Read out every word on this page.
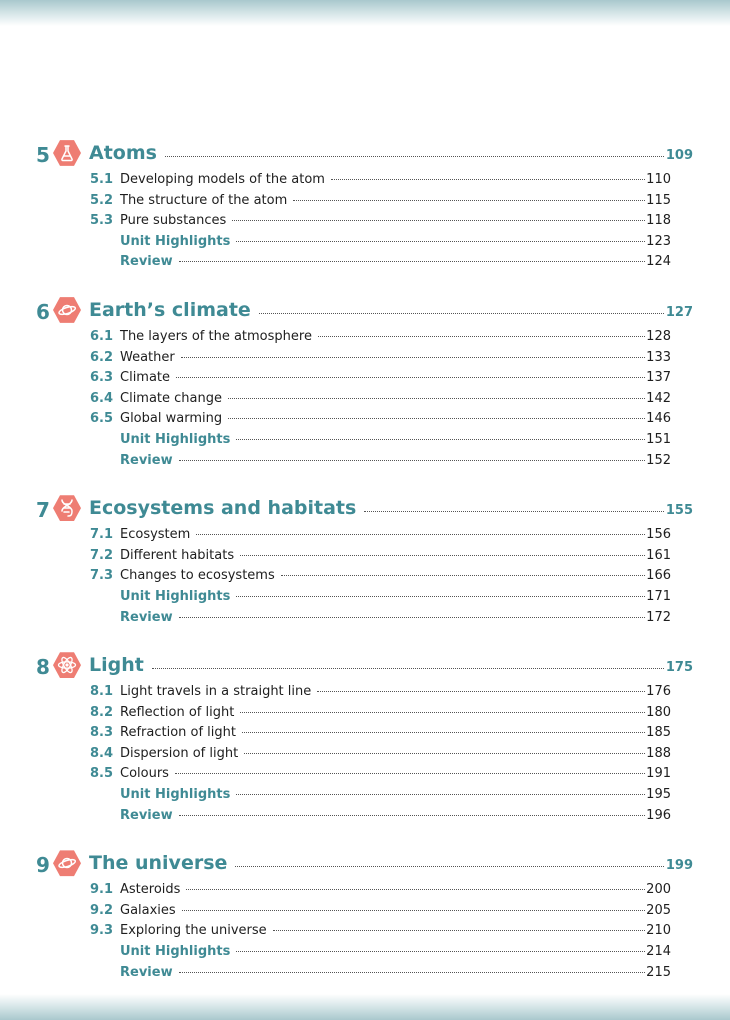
5 Atoms	109
5.1 Developing models of the atom	110
5.2 The structure of the atom	115
5.3 Pure substances	118
Unit Highlights	123
Review	124
6 Earth’s climate	127
6.1 The layers of the atmosphere	128
6.2 Weather	133
6.3 Climate	137
6.4 Climate change	142
6.5 Global warming	146
Unit Highlights	151
Review	152
7 Ecosystems and habitats	155
7.1 Ecosystem	156
7.2 Different habitats	161
7.3 Changes to ecosystems	166
Unit Highlights	171
Review	172
8 Light	175
8.1 Light travels in a straight line	176
8.2 Reflection of light	180
8.3 Refraction of light	185
8.4 Dispersion of light	188
8.5 Colours	191
Unit Highlights	195
Review	196
9 The universe	199
9.1 Asteroids	200
9.2 Galaxies	205
9.3 Exploring the universe	210
Unit Highlights	214
Review	215
